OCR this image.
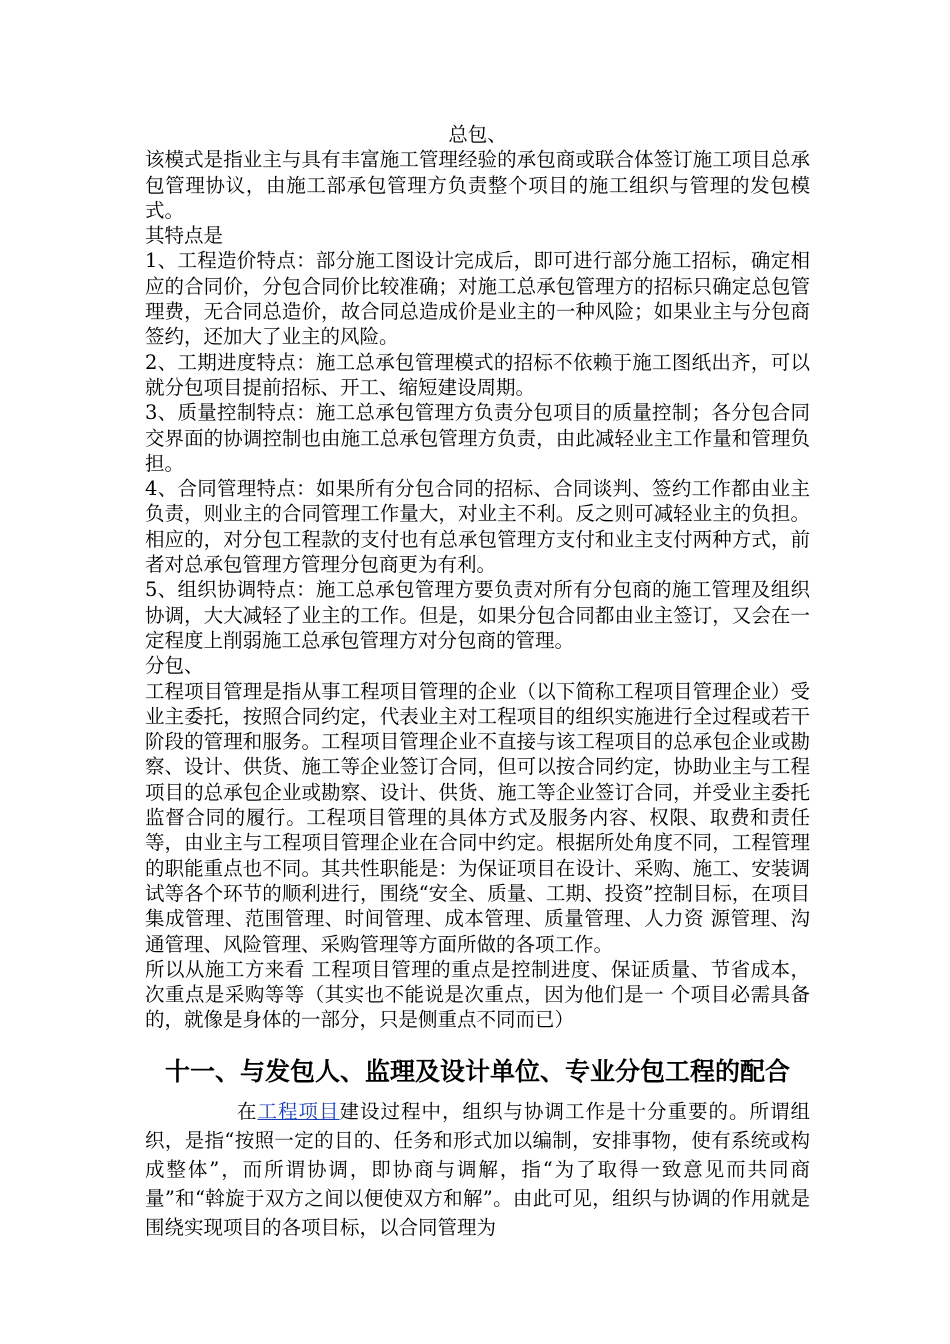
总包、

该模式是指业主与具有丰富施工管理经验的承包商或联合体签订施工项目总承包管理协议，由施工部承包管理方负责整个项目的施工组织与管理的发包模式。

其特点是

1、工程造价特点：部分施工图设计完成后，即可进行部分施工招标，确定相应的合同价，分包合同价比较准确；对施工总承包管理方的招标只确定总包管理费，无合同总造价，故合同总造成价是业主的一种风险；如果业主与分包商签约，还加大了业主的风险。

2、工期进度特点：施工总承包管理模式的招标不依赖于施工图纸出齐，可以就分包项目提前招标、开工、缩短建设周期。

3、质量控制特点：施工总承包管理方负责分包项目的质量控制；各分包合同交界面的协调控制也由施工总承包管理方负责，由此减轻业主工作量和管理负担。

4、合同管理特点：如果所有分包合同的招标、合同谈判、签约工作都由业主负责，则业主的合同管理工作量大，对业主不利。反之则可减轻业主的负担。相应的，对分包工程款的支付也有总承包管理方支付和业主支付两种方式，前者对总承包管理方管理分包商更为有利。

5、组织协调特点：施工总承包管理方要负责对所有分包商的施工管理及组织协调，大大减轻了业主的工作。但是，如果分包合同都由业主签订，又会在一定程度上削弱施工总承包管理方对分包商的管理。

分包、

工程项目管理是指从事工程项目管理的企业（以下简称工程项目管理企业）受业主委托，按照合同约定，代表业主对工程项目的组织实施进行全过程或若干阶段的管理和服务。工程项目管理企业不直接与该工程项目的总承包企业或勘察、设计、供货、施工等企业签订合同，但可以按合同约定，协助业主与工程项目的总承包企业或勘察、设计、供货、施工等企业签订合同，并受业主委托监督合同的履行。工程项目管理的具体方式及服务内容、权限、取费和责任等，由业主与工程项目管理企业在合同中约定。根据所处角度不同，工程管理的职能重点也不同。其共性职能是：为保证项目在设计、采购、施工、安装调试等各个环节的顺利进行，围绕“安全、质量、工期、投资”控制目标，在项目集成管理、范围管理、时间管理、成本管理、质量管理、人力资 源管理、沟通管理、风险管理、采购管理等方面所做的各项工作。

所以从施工方来看 工程项目管理的重点是控制进度、保证质量、节省成本，次重点是采购等等（其实也不能说是次重点，因为他们是一 个项目必需具备的，就像是身体的一部分，只是侧重点不同而已）

十一、与发包人、监理及设计单位、专业分包工程的配合

在工程项目建设过程中，组织与协调工作是十分重要的。所谓组织，是指“按照一定的目的、任务和形式加以编制，安排事物，使有系统或构成整体”，而所谓协调，即协商与调解，指“为了取得一致意见而共同商量”和“斡旋于双方之间以便使双方和解”。由此可见，组织与协调的作用就是围绕实现项目的各项目标，以合同管理为
